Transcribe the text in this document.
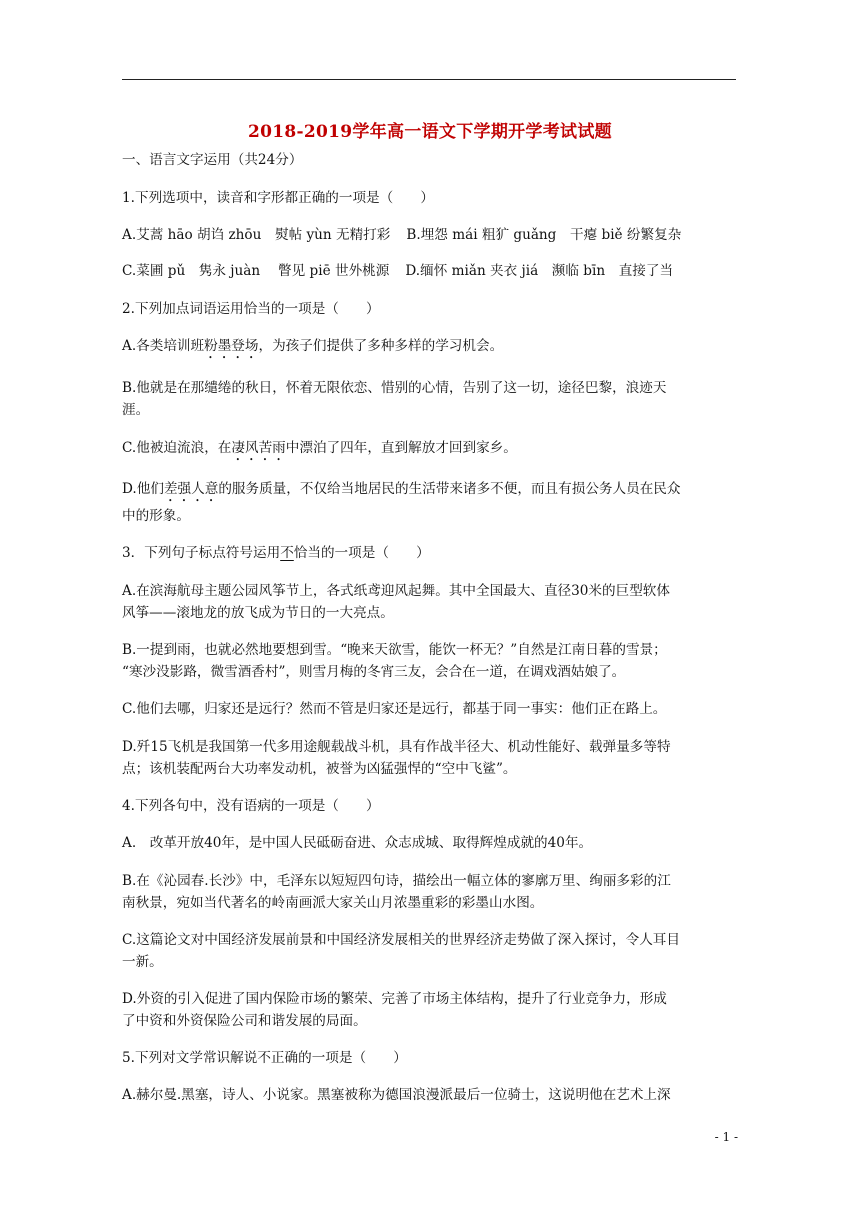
2018-2019学年高一语文下学期开学考试试题
一、语言文字运用（共24分）
1.下列选项中，读音和字形都正确的一项是（　　）
A.艾蒿 hāo 胡诌 zhōu　熨帖 yùn 无精打彩 B.埋怨 mái 粗犷 guǎng　干瘪 biě 纷繁复杂
C.菜圃 pǔ　隽永 juàn　 瞥见 piē 世外桃源 D.缅怀 miǎn 夹衣 jiá　濒临 bīn　直接了当
2.下列加点词语运用恰当的一项是（　　）
A.各类培训班粉墨登场，为孩子们提供了多种多样的学习机会。
B.他就是在那缱绻的秋日，怀着无限依恋、惜别的心情，告别了这一切，途径巴黎，浪迹天
涯。
C.他被迫流浪，在凄风苦雨中漂泊了四年，直到解放才回到家乡。
D.他们差强人意的服务质量，不仅给当地居民的生活带来诸多不便，而且有损公务人员在民众
中的形象。
3．下列句子标点符号运用不恰当的一项是（　　）
A.在滨海航母主题公园风筝节上，各式纸鸢迎风起舞。其中全国最大、直径30米的巨型软体
风筝——滚地龙的放飞成为节日的一大亮点。
B.一提到雨，也就必然地要想到雪。“晚来天欲雪，能饮一杯无？”自然是江南日暮的雪景；
“寒沙没影路，微雪酒香村”，则雪月梅的冬宵三友，会合在一道，在调戏酒姑娘了。
C.他们去哪，归家还是远行？然而不管是归家还是远行，都基于同一事实：他们正在路上。
D.歼15飞机是我国第一代多用途舰载战斗机，具有作战半径大、机动性能好、载弹量多等特
点；该机装配两台大功率发动机，被誉为凶猛强悍的“空中飞鲨”。
4.下列各句中，没有语病的一项是（　　）
A.　改革开放40年，是中国人民砥砺奋进、众志成城、取得辉煌成就的40年。
B.在《沁园春.长沙》中，毛泽东以短短四句诗，描绘出一幅立体的寥廓万里、绚丽多彩的江
南秋景，宛如当代著名的岭南画派大家关山月浓墨重彩的彩墨山水图。
C.这篇论文对中国经济发展前景和中国经济发展相关的世界经济走势做了深入探讨，令人耳目
一新。
D.外资的引入促进了国内保险市场的繁荣、完善了市场主体结构，提升了行业竞争力，形成
了中资和外资保险公司和谐发展的局面。
5.下列对文学常识解说不正确的一项是（　　）
A.赫尔曼.黑塞，诗人、小说家。黑塞被称为德国浪漫派最后一位骑士，这说明他在艺术上深
- 1 -
